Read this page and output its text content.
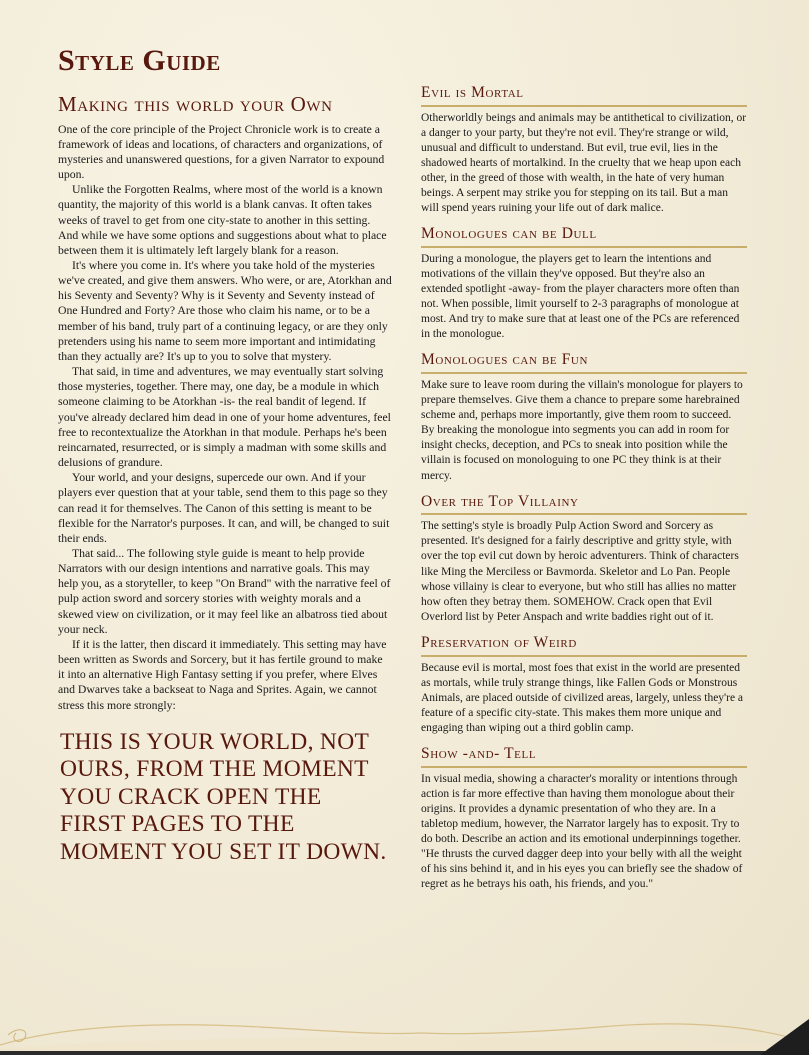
Style Guide
Making this world your Own

One of the core principle of the Project Chronicle work is to create a framework of ideas and locations, of characters and organizations, of mysteries and unanswered questions, for a given Narrator to expound upon.

Unlike the Forgotten Realms, where most of the world is a known quantity, the majority of this world is a blank canvas. It often takes weeks of travel to get from one city-state to another in this setting. And while we have some options and suggestions about what to place between them it is ultimately left largely blank for a reason.

It's where you come in. It's where you take hold of the mysteries we've created, and give them answers. Who were, or are, Atorkhan and his Seventy and Seventy? Why is it Seventy and Seventy instead of One Hundred and Forty? Are those who claim his name, or to be a member of his band, truly part of a continuing legacy, or are they only pretenders using his name to seem more important and intimidating than they actually are? It's up to you to solve that mystery.

That said, in time and adventures, we may eventually start solving those mysteries, together. There may, one day, be a module in which someone claiming to be Atorkhan -is- the real bandit of legend. If you've already declared him dead in one of your home adventures, feel free to recontextualize the Atorkhan in that module. Perhaps he's been reincarnated, resurrected, or is simply a madman with some skills and delusions of grandure.

Your world, and your designs, supercede our own. And if your players ever question that at your table, send them to this page so they can read it for themselves. The Canon of this setting is meant to be flexible for the Narrator's purposes. It can, and will, be changed to suit their ends.

That said... The following style guide is meant to help provide Narrators with our design intentions and narrative goals. This may help you, as a storyteller, to keep "On Brand" with the narrative feel of pulp action sword and sorcery stories with weighty morals and a skewed view on civilization, or it may feel like an albatross tied about your neck.

If it is the latter, then discard it immediately. This setting may have been written as Swords and Sorcery, but it has fertile ground to make it into an alternative High Fantasy setting if you prefer, where Elves and Dwarves take a backseat to Naga and Sprites. Again, we cannot stress this more strongly:

THIS IS YOUR WORLD, NOT OURS, FROM THE MOMENT YOU CRACK OPEN THE FIRST PAGES TO THE MOMENT YOU SET IT DOWN.
Evil is Mortal

Otherworldly beings and animals may be antithetical to civilization, or a danger to your party, but they're not evil. They're strange or wild, unusual and difficult to understand. But evil, true evil, lies in the shadowed hearts of mortalkind. In the cruelty that we heap upon each other, in the greed of those with wealth, in the hate of very human beings. A serpent may strike you for stepping on its tail. But a man will spend years ruining your life out of dark malice.

Monologues can be Dull

During a monologue, the players get to learn the intentions and motivations of the villain they've opposed. But they're also an extended spotlight -away- from the player characters more often than not. When possible, limit yourself to 2-3 paragraphs of monologue at most. And try to make sure that at least one of the PCs are referenced in the monologue.

Monologues can be Fun

Make sure to leave room during the villain's monologue for players to prepare themselves. Give them a chance to prepare some harebrained scheme and, perhaps more importantly, give them room to succeed. By breaking the monologue into segments you can add in room for insight checks, deception, and PCs to sneak into position while the villain is focused on monologuing to one PC they think is at their mercy.

Over the Top Villainy

The setting's style is broadly Pulp Action Sword and Sorcery as presented. It's designed for a fairly descriptive and gritty style, with over the top evil cut down by heroic adventurers. Think of characters like Ming the Merciless or Bavmorda. Skeletor and Lo Pan. People whose villainy is clear to everyone, but who still has allies no matter how often they betray them. SOMEHOW. Crack open that Evil Overlord list by Peter Anspach and write baddies right out of it.

Preservation of Weird

Because evil is mortal, most foes that exist in the world are presented as mortals, while truly strange things, like Fallen Gods or Monstrous Animals, are placed outside of civilized areas, largely, unless they're a feature of a specific city-state. This makes them more unique and engaging than wiping out a third goblin camp.

Show -and- Tell

In visual media, showing a character's morality or intentions through action is far more effective than having them monologue about their origins. It provides a dynamic presentation of who they are. In a tabletop medium, however, the Narrator largely has to exposit. Try to do both. Describe an action and its emotional underpinnings together. "He thrusts the curved dagger deep into your belly with all the weight of his sins behind it, and in his eyes you can briefly see the shadow of regret as he betrays his oath, his friends, and you."
